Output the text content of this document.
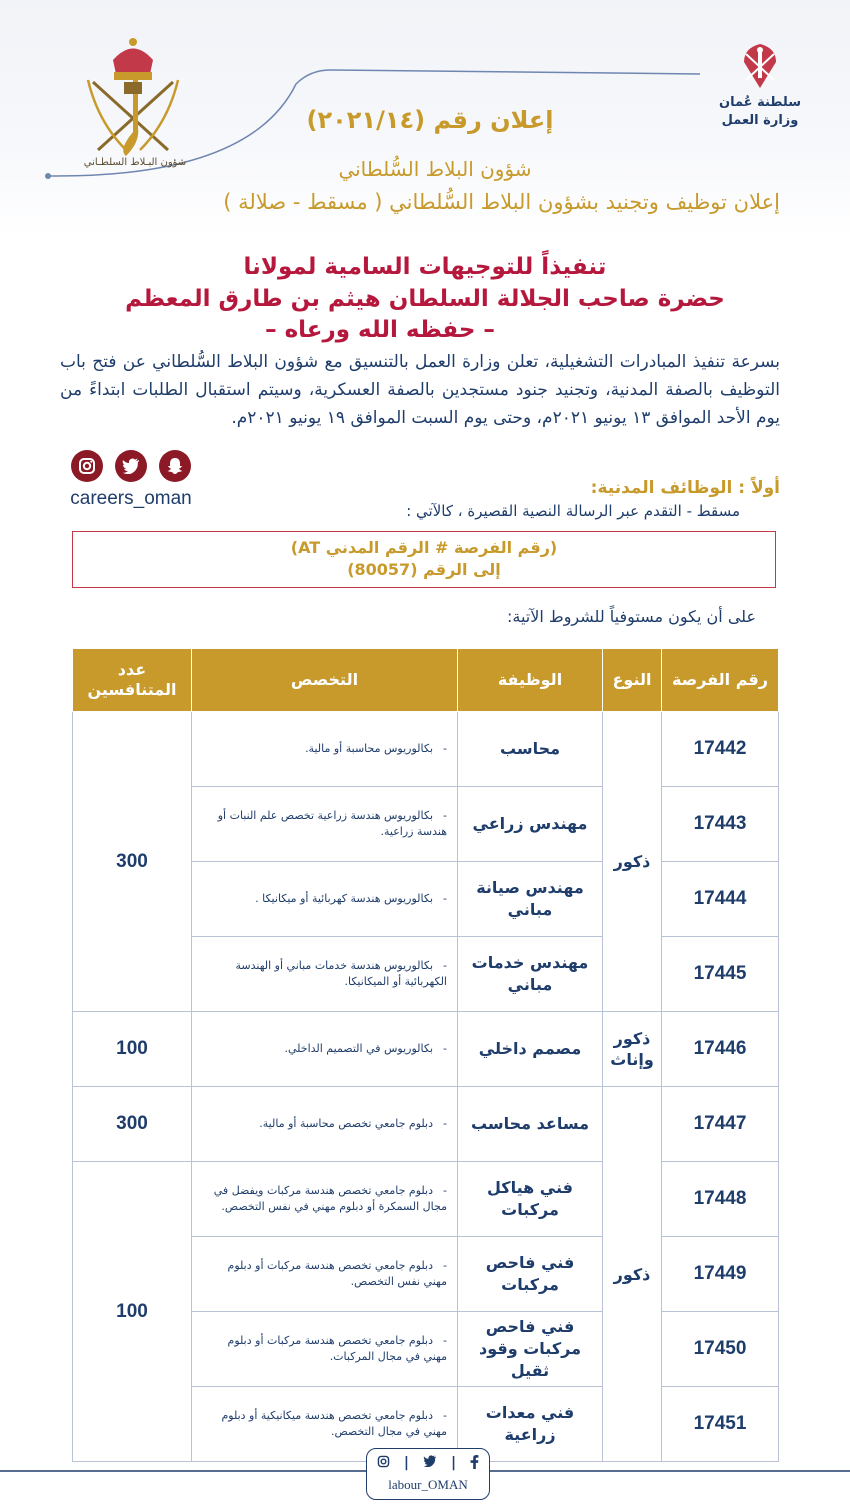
شؤون البـلاط السلطـاني
سلطنة عُمان
وزارة العمل
إعلان رقم (٢٠٢١/١٤)
شؤون البلاط السُّلطاني
إعلان توظيف وتجنيد بشؤون البلاط السُّلطاني ( مسقط - صلالة )
تنفيذاً للتوجيهات السامية لمولانا
حضرة صاحب الجلالة السلطان هيثم بن طارق المعظم
– حفظه الله ورعاه –
بسرعة تنفيذ المبادرات التشغيلية، تعلن وزارة العمل بالتنسيق مع شؤون البلاط السُّلطاني عن فتح باب التوظيف بالصفة المدنية، وتجنيد جنود مستجدين بالصفة العسكرية، وسيتم استقبال الطلبات ابتداءً من يوم الأحد الموافق ١٣ يونيو ٢٠٢١م، وحتى يوم السبت الموافق ١٩ يونيو ٢٠٢١م.
careers_oman	أولاً : الوظائف المدنية:
مسقط - التقدم عبر الرسالة النصية القصيرة ، كالآتي :
(رقم الفرصة # الرقم المدني AT)
إلى الرقم (80057)
على أن يكون مستوفياً للشروط الآتية:
رقم الفرصة	النوع	الوظيفة	التخصص	عدد المتنافسين
17442	ذكور	محاسب	-بكالوريوس محاسبة أو مالية.	300
17443		مهندس زراعي	-بكالوريوس هندسة زراعية تخصص علم النبات أو هندسة زراعية.	
17444		مهندس صيانة مباني	-بكالوريوس هندسة كهربائية أو ميكانيكا .	
17445		مهندس خدمات مباني	-بكالوريوس هندسة خدمات مباني أو الهندسة الكهربائية أو الميكانيكا.	
17446	ذكور وإناث	مصمم داخلي	-بكالوريوس في التصميم الداخلي.	100
17447	ذكور	مساعد محاسب	-دبلوم جامعي تخصص محاسبة أو مالية.	300
17448		فني هياكل مركبات	-دبلوم جامعي تخصص هندسة مركبات ويفضل في مجال السمكرة أو دبلوم مهني في نفس التخصص.	100
17449		فني فاحص مركبات	-دبلوم جامعي تخصص هندسة مركبات أو دبلوم مهني نفس التخصص.	
17450		فني فاحص مركبات وقود ثقيل	-دبلوم جامعي تخصص هندسة مركبات أو دبلوم مهني في مجال المركبات.	
17451		فني معدات زراعية	-دبلوم جامعي تخصص هندسة ميكانيكية أو دبلوم مهني في مجال التخصص.	
|	|
labour_OMAN
